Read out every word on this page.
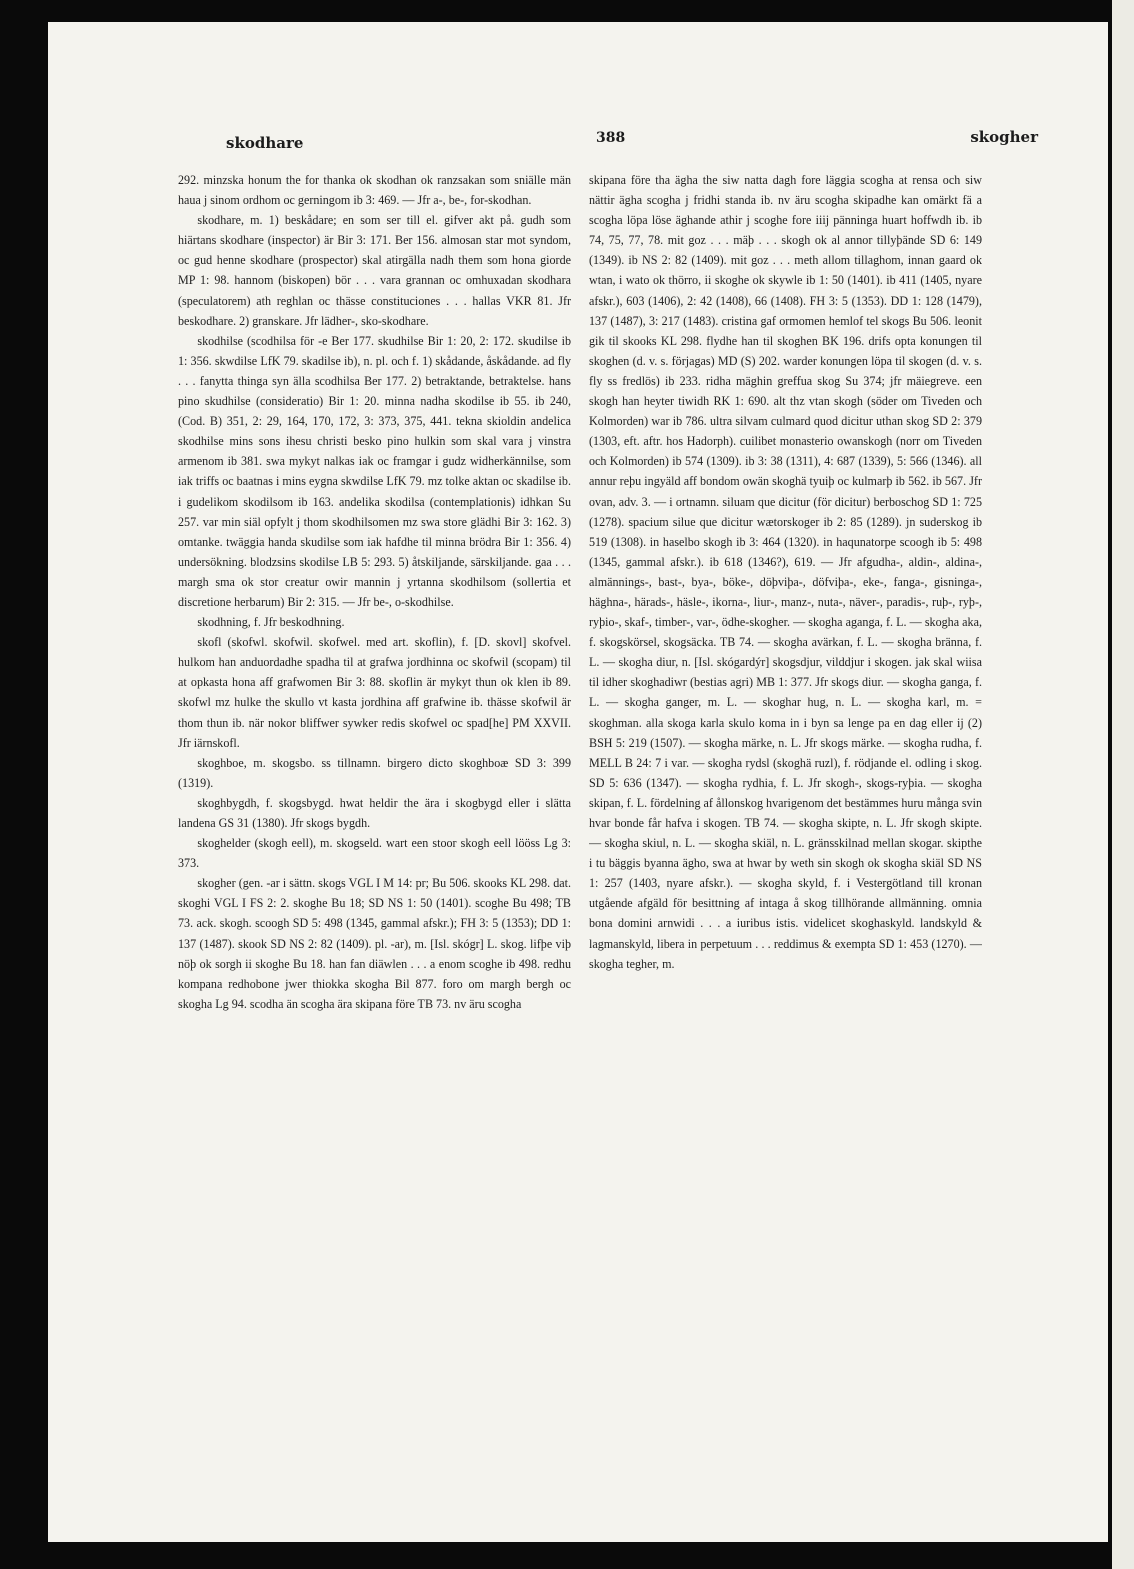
skodhare	388	skogher

292. minzska honum the for thanka ok skodhan ok ranzsakan som sniälle män haua j sinom ordhom oc gerningom ib 3: 469. — Jfr a-, be-, for-skodhan.

skodhare, m. 1) beskådare; en som ser till el. gifver akt på. gudh som hiärtans skodhare (inspector) är Bir 3: 171. Ber 156. almosan star mot syndom, oc gud henne skodhare (prospector) skal atirgälla nadh them som hona giorde MP 1: 98. hannom (biskopen) bör . . . vara grannan oc omhuxadan skodhara (speculatorem) ath reghlan oc thässe constituciones . . . hallas VKR 81. Jfr beskodhare. 2) granskare. Jfr lädher-, sko-skodhare.

skodhilse (scodhilsa för -e Ber 177. skudhilse Bir 1: 20, 2: 172. skudilse ib 1: 356. skwdilse LfK 79. skadilse ib), n. pl. och f. 1) skådande, åskådande. ad fly . . . fanytta thinga syn älla scodhilsa Ber 177. 2) betraktande, betraktelse. hans pino skudhilse (consideratio) Bir 1: 20. minna nadha skodilse ib 55. ib 240, (Cod. B) 351, 2: 29, 164, 170, 172, 3: 373, 375, 441. tekna skioldin andelica skodhilse mins sons ihesu christi besko pino hulkin som skal vara j vinstra armenom ib 381. swa mykyt nalkas iak oc framgar i gudz widherkännilse, som iak triffs oc baatnas i mins eygna skwdilse LfK 79. mz tolke aktan oc skadilse ib. i gudelikom skodilsom ib 163. andelika skodilsa (contemplationis) idhkan Su 257. var min siäl opfylt j thom skodhilsomen mz swa store glädhi Bir 3: 162. 3) omtanke. twäggia handa skudilse som iak hafdhe til minna brödra Bir 1: 356. 4) undersökning. blodzsins skodilse LB 5: 293. 5) åtskiljande, särskiljande. gaa . . . margh sma ok stor creatur owir mannin j yrtanna skodhilsom (sollertia et discretione herbarum) Bir 2: 315. — Jfr be-, o-skodhilse.

skodhning, f. Jfr beskodhning.

skofl (skofwl. skofwil. skofwel. med art. skoflin), f. [D. skovl] skofvel. hulkom han anduordadhe spadha til at grafwa jordhinna oc skofwil (scopam) til at opkasta hona aff grafwomen Bir 3: 88. skoflin är mykyt thun ok klen ib 89. skofwl mz hulke the skullo vt kasta jordhina aff grafwine ib. thässe skofwil är thom thun ib. när nokor bliffwer sywker redis skofwel oc spad[he] PM XXVII. Jfr iärnskofl.

skoghboe, m. skogsbo. ss tillnamn. birgero dicto skoghboæ SD 3: 399 (1319).

skoghbygdh, f. skogsbygd. hwat heldir the ära i skogbygd eller i slätta landena GS 31 (1380). Jfr skogs bygdh.

skoghelder (skogh eell), m. skogseld. wart een stoor skogh eell lööss Lg 3: 373.

skogher (gen. -ar i sättn. skogs VGL I M 14: pr; Bu 506. skooks KL 298. dat. skoghi VGL I FS 2: 2. skoghe Bu 18; SD NS 1: 50 (1401). scoghe Bu 498; TB 73. ack. skogh. scoogh SD 5: 498 (1345, gammal afskr.); FH 3: 5 (1353); DD 1: 137 (1487). skook SD NS 2: 82 (1409). pl. -ar), m. [Isl. skógr] L. skog. lifþe viþ nöþ ok sorgh ii skoghe Bu 18. han fan diäwlen . . . a enom scoghe ib 498. redhu kompana redhobone jwer thiokka skogha Bil 877. foro om margh bergh oc skogha Lg 94. scodha än scogha ära skipana före TB 73. nv äru scogha

skipana före tha ägha the siw natta dagh fore läggia scogha at rensa och siw nättir ägha scogha j fridhi standa ib. nv äru scogha skipadhe kan omärkt fä a scogha löpa löse äghande athir j scoghe fore iiij pänninga huart hoffwdh ib. ib 74, 75, 77, 78. mit goz . . . mäþ . . . skogh ok al annor tillyþände SD 6: 149 (1349). ib NS 2: 82 (1409). mit goz . . . meth allom tillaghom, innan gaard ok wtan, i wato ok thörro, ii skoghe ok skywle ib 1: 50 (1401). ib 411 (1405, nyare afskr.), 603 (1406), 2: 42 (1408), 66 (1408). FH 3: 5 (1353). DD 1: 128 (1479), 137 (1487), 3: 217 (1483). cristina gaf ormomen hemlof tel skogs Bu 506. leonit gik til skooks KL 298. flydhe han til skoghen BK 196. drifs opta konungen til skoghen (d. v. s. förjagas) MD (S) 202. warder konungen löpa til skogen (d. v. s. fly ss fredlös) ib 233. ridha mäghin greffua skog Su 374; jfr mäiegreve. een skogh han heyter tiwidh RK 1: 690. alt thz vtan skogh (söder om Tiveden och Kolmorden) war ib 786. ultra silvam culmard quod dicitur uthan skog SD 2: 379 (1303, eft. aftr. hos Hadorph). cuilibet monasterio owanskogh (norr om Tiveden och Kolmorden) ib 574 (1309). ib 3: 38 (1311), 4: 687 (1339), 5: 566 (1346). all annur reþu ingyäld aff bondom owän skoghä tyuiþ oc kulmarþ ib 562. ib 567. Jfr ovan, adv. 3. — i ortnamn. siluam que dicitur (för dicitur) berboschog SD 1: 725 (1278). spacium silue que dicitur wætorskoger ib 2: 85 (1289). jn suderskog ib 519 (1308). in haselbo skogh ib 3: 464 (1320). in haqunatorpe scoogh ib 5: 498 (1345, gammal afskr.). ib 618 (1346?), 619. — Jfr afgudha-, aldin-, aldina-, almännings-, bast-, bya-, böke-, döþviþa-, döfviþa-, eke-, fanga-, gisninga-, häghna-, härads-, häsle-, ikorna-, liur-, manz-, nuta-, näver-, paradis-, ruþ-, ryþ-, ryþio-, skaf-, timber-, var-, ödhe-skogher. — skogha aganga, f. L. — skogha aka, f. skogskörsel, skogsäcka. TB 74. — skogha avärkan, f. L. — skogha bränna, f. L. — skogha diur, n. [Isl. skógardýr] skogsdjur, vilddjur i skogen. jak skal wiisa til idher skoghadiwr (bestias agri) MB 1: 377. Jfr skogs diur. — skogha ganga, f. L. — skogha ganger, m. L. — skoghar hug, n. L. — skogha karl, m. = skoghman. alla skoga karla skulo koma in i byn sa lenge pa en dag eller ij (2) BSH 5: 219 (1507). — skogha märke, n. L. Jfr skogs märke. — skogha rudha, f. MELL B 24: 7 i var. — skogha rydsl (skoghä ruzl), f. rödjande el. odling i skog. SD 5: 636 (1347). — skogha rydhia, f. L. Jfr skogh-, skogs-ryþia. — skogha skipan, f. L. fördelning af ållonskog hvarigenom det bestämmes huru många svin hvar bonde får hafva i skogen. TB 74. — skogha skipte, n. L. Jfr skogh skipte. — skogha skiul, n. L. — skogha skiäl, n. L. gränsskilnad mellan skogar. skipthe i tu bäggis byanna ägho, swa at hwar by weth sin skogh ok skogha skiäl SD NS 1: 257 (1403, nyare afskr.). — skogha skyld, f. i Vestergötland till kronan utgående afgäld för besittning af intaga å skog tillhörande allmänning. omnia bona domini arnwidi . . . a iuribus istis. videlicet skoghaskyld. landskyld & lagmanskyld, libera in perpetuum . . . reddimus & exempta SD 1: 453 (1270). — skogha tegher, m.
